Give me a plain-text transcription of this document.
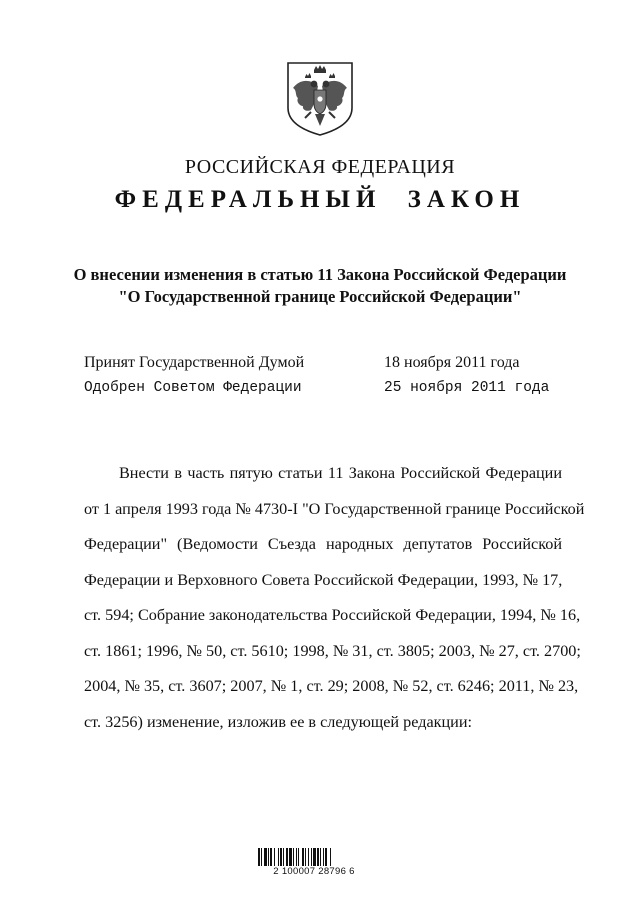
РОССИЙСКАЯ ФЕДЕРАЦИЯ
ФЕДЕРАЛЬНЫЙ ЗАКОН
О внесении изменения в статью 11 Закона Российской Федерации
"О Государственной границе Российской Федерации"
Принят Государственной Думой	18 ноября 2011 года
Одобрен Советом Федерации	25 ноября 2011 года
Внести в часть пятую статьи 11 Закона Российской Федерации
от 1 апреля 1993 года № 4730-I "О Государственной границе Российской
Федерации" (Ведомости Съезда народных депутатов Российской
Федерации и Верховного Совета Российской Федерации, 1993, № 17,
ст. 594; Собрание законодательства Российской Федерации, 1994, № 16,
ст. 1861; 1996, № 50, ст. 5610; 1998, № 31, ст. 3805; 2003, № 27, ст. 2700;
2004, № 35, ст. 3607; 2007, № 1, ст. 29; 2008, № 52, ст. 6246; 2011, № 23,
ст. 3256) изменение, изложив ее в следующей редакции:
2 100007 28796 6
